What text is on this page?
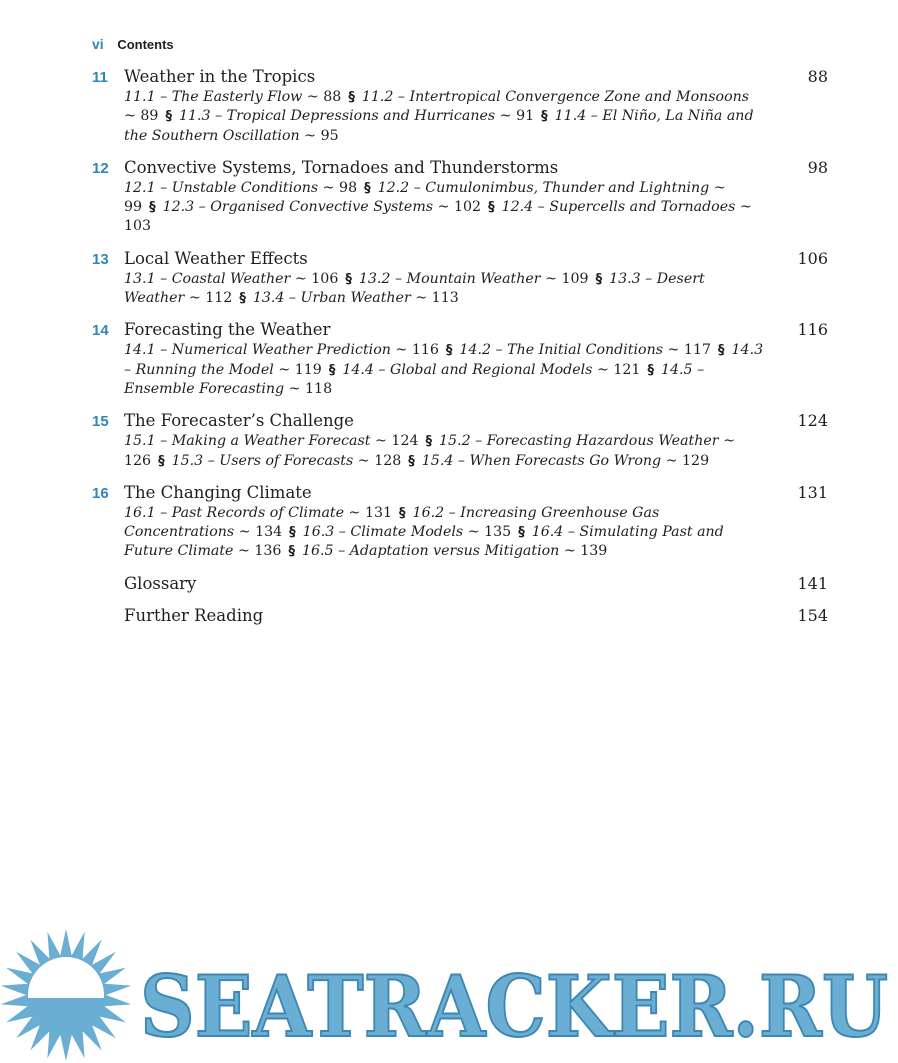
vi Contents
11 Weather in the Tropics	88
11.1 – The Easterly Flow ~ 88 § 11.2 – Intertropical Convergence Zone and Monsoons ~ 89 § 11.3 – Tropical Depressions and Hurricanes ~ 91 § 11.4 – El Niño, La Niña and the Southern Oscillation ~ 95
12 Convective Systems, Tornadoes and Thunderstorms	98
12.1 – Unstable Conditions ~ 98 § 12.2 – Cumulonimbus, Thunder and Lightning ~ 99 § 12.3 – Organised Convective Systems ~ 102 § 12.4 – Supercells and Tornadoes ~ 103
13 Local Weather Effects	106
13.1 – Coastal Weather ~ 106 § 13.2 – Mountain Weather ~ 109 § 13.3 – Desert Weather ~ 112 § 13.4 – Urban Weather ~ 113
14 Forecasting the Weather	116
14.1 – Numerical Weather Prediction ~ 116 § 14.2 – The Initial Conditions ~ 117 § 14.3 – Running the Model ~ 119 § 14.4 – Global and Regional Models ~ 121 § 14.5 – Ensemble Forecasting ~ 118
15 The Forecaster’s Challenge	124
15.1 – Making a Weather Forecast ~ 124 § 15.2 – Forecasting Hazardous Weather ~ 126 § 15.3 – Users of Forecasts ~ 128 § 15.4 – When Forecasts Go Wrong ~ 129
16 The Changing Climate	131
16.1 – Past Records of Climate ~ 131 § 16.2 – Increasing Greenhouse Gas Concentrations ~ 134 § 16.3 – Climate Models ~ 135 § 16.4 – Simulating Past and Future Climate ~ 136 § 16.5 – Adaptation versus Mitigation ~ 139
Glossary	141
Further Reading	154
SEATRACKER.RU
